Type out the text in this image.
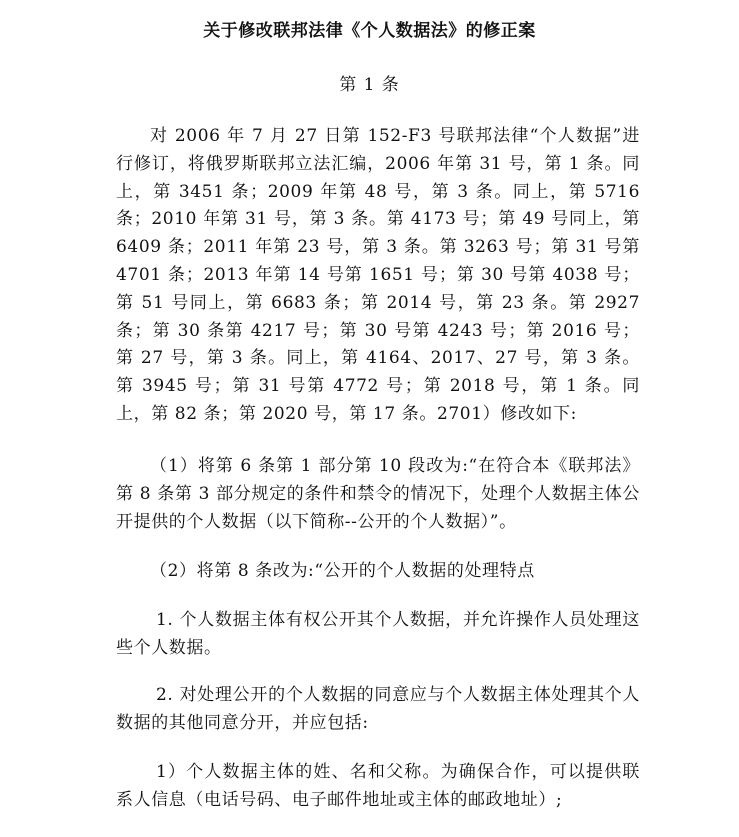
关于修改联邦法律《个人数据法》的修正案
第 1 条
对 2006 年 7 月 27 日第 152-F3 号联邦法律“个人数据”进行修订，将俄罗斯联邦立法汇编，2006 年第 31 号，第 1 条。同上，第 3451 条；2009 年第 48 号，第 3 条。同上，第 5716 条；2010 年第 31 号，第 3 条。第 4173 号；第 49 号同上，第 6409 条；2011 年第 23 号，第 3 条。第 3263 号；第 31 号第 4701 条；2013 年第 14 号第 1651 号；第 30 号第 4038 号；第 51 号同上，第 6683 条；第 2014 号，第 23 条。第 2927 条；第 30 条第 4217 号；第 30 号第 4243 号；第 2016 号；第 27 号，第 3 条。同上，第 4164、2017、27 号，第 3 条。第 3945 号；第 31 号第 4772 号；第 2018 号，第 1 条。同上，第 82 条；第 2020 号，第 17 条。2701）修改如下:
（1）将第 6 条第 1 部分第 10 段改为:“在符合本《联邦法》第 8 条第 3 部分规定的条件和禁令的情况下，处理个人数据主体公开提供的个人数据（以下简称--公开的个人数据）”。
（2）将第 8 条改为:“公开的个人数据的处理特点
1. 个人数据主体有权公开其个人数据，并允许操作人员处理这些个人数据。
2. 对处理公开的个人数据的同意应与个人数据主体处理其个人数据的其他同意分开，并应包括:
1）个人数据主体的姓、名和父称。为确保合作，可以提供联系人信息（电话号码、电子邮件地址或主体的邮政地址）;
